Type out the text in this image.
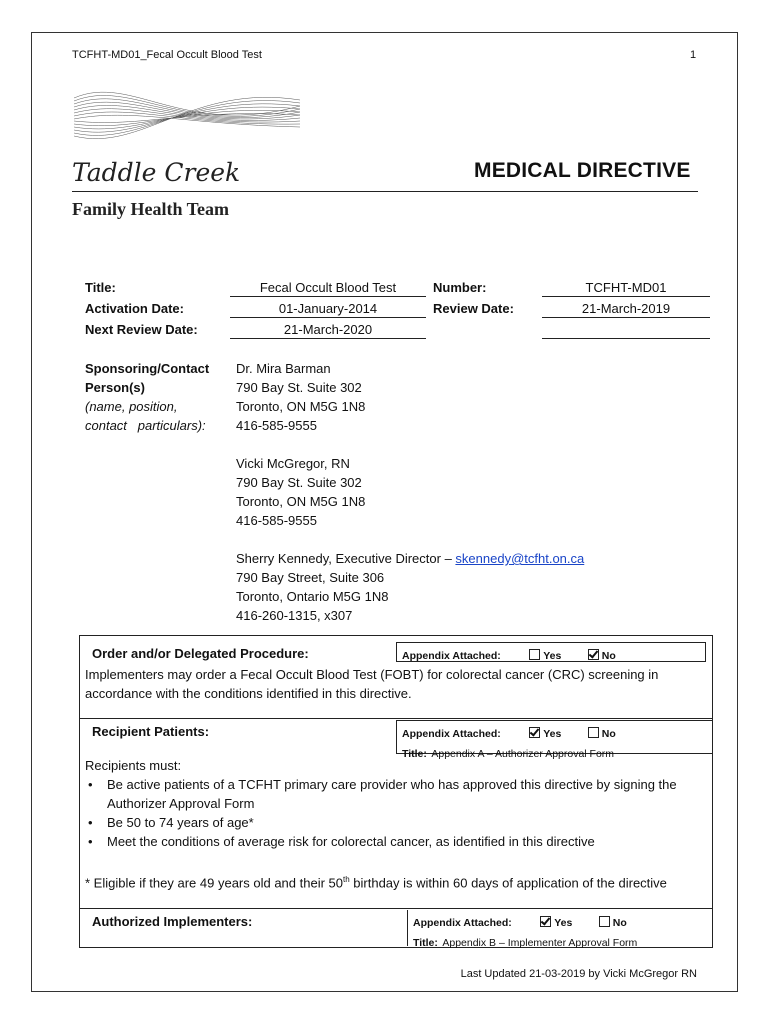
TCFHT-MD01_Fecal Occult Blood Test	1
Taddle Creek	MEDICAL DIRECTIVE
Family Health Team
Title:	Fecal Occult Blood Test	Number:	TCFHT-MD01
Activation Date:	01-January-2014	Review Date:	21-March-2019
Next Review Date:	21-March-2020
Sponsoring/Contact
Person(s)
(name, position,
contact   particulars):
Dr. Mira Barman
790 Bay St. Suite 302
Toronto, ON M5G 1N8
416-585-9555
Vicki McGregor, RN
790 Bay St. Suite 302
Toronto, ON M5G 1N8
416-585-9555
Sherry Kennedy, Executive Director – skennedy@tcfht.on.ca
790 Bay Street, Suite 306
Toronto, Ontario M5G 1N8
416-260-1315, x307
Order and/or Delegated Procedure:	Appendix Attached:	Yes	No
Implementers may order a Fecal Occult Blood Test (FOBT) for colorectal cancer (CRC) screening in accordance with the conditions identified in this directive.
Recipient Patients:	Appendix Attached:	Yes	No
Title: Appendix A – Authorizer Approval Form
Recipients must:
• Be active patients of a TCFHT primary care provider who has approved this directive by signing the Authorizer Approval Form
• Be 50 to 74 years of age*
• Meet the conditions of average risk for colorectal cancer, as identified in this directive
* Eligible if they are 49 years old and their 50th birthday is within 60 days of application of the directive
Authorized Implementers:	Appendix Attached:	Yes	No
Title: Appendix B – Implementer Approval Form
Last Updated 21-03-2019 by Vicki McGregor RN
